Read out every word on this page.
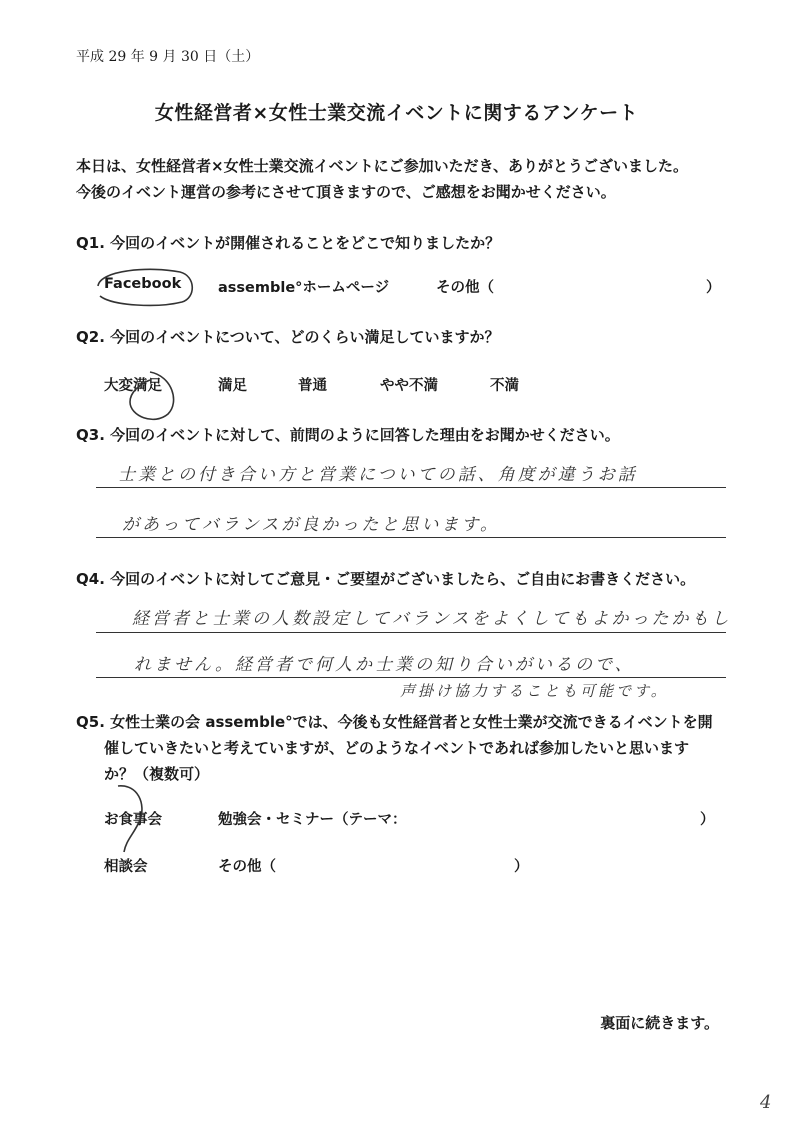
平成 29 年 9 月 30 日（土）
女性経営者×女性士業交流イベントに関するアンケート
本日は、女性経営者×女性士業交流イベントにご参加いただき、ありがとうございました。
今後のイベント運営の参考にさせて頂きますので、ご感想をお聞かせください。
Q1. 今回のイベントが開催されることをどこで知りましたか？
Facebook	assemble°ホームページ	その他（	）
Q2. 今回のイベントについて、どのくらい満足していますか？
大変満足	満足	普通	やや不満	不満
Q3. 今回のイベントに対して、前問のように回答した理由をお聞かせください。
士業との付き合い方と営業についての話、角度が違うお話
があってバランスが良かったと思います。
Q4. 今回のイベントに対してご意見・ご要望がございましたら、ご自由にお書きください。
経営者と士業の人数設定してバランスをよくしてもよかったかもし
れません。経営者で何人か士業の知り合いがいるので、
声掛け協力することも可能です。
Q5. 女性士業の会 assemble°では、今後も女性経営者と女性士業が交流できるイベントを開
催していきたいと考えていますが、どのようなイベントであれば参加したいと思います
か？（複数可）
お食事会	勉強会・セミナー（テーマ：	）
相談会	その他（	）
裏面に続きます。
4
